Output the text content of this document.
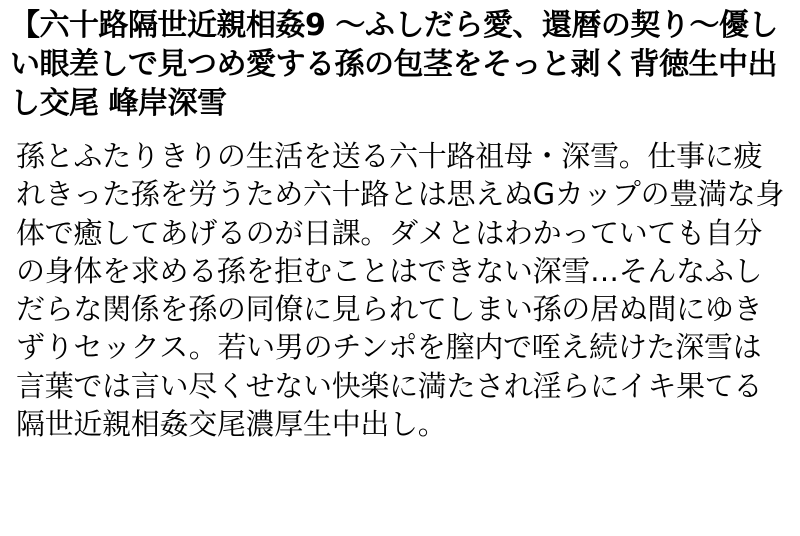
【六十路隔世近親相姦9 ～ふしだら愛、還暦の契り～優しい眼差しで見つめ愛する孫の包茎をそっと剥く背徳生中出し交尾 峰岸深雪
孫とふたりきりの生活を送る六十路祖母・深雪。仕事に疲れきった孫を労うため六十路とは思えぬGカップの豊満な身体で癒してあげるのが日課。ダメとはわかっていても自分の身体を求める孫を拒むことはできない深雪…そんなふしだらな関係を孫の同僚に見られてしまい孫の居ぬ間にゆきずりセックス。若い男のチンポを膣内で咥え続けた深雪は言葉では言い尽くせない快楽に満たされ淫らにイキ果てる隔世近親相姦交尾濃厚生中出し。
